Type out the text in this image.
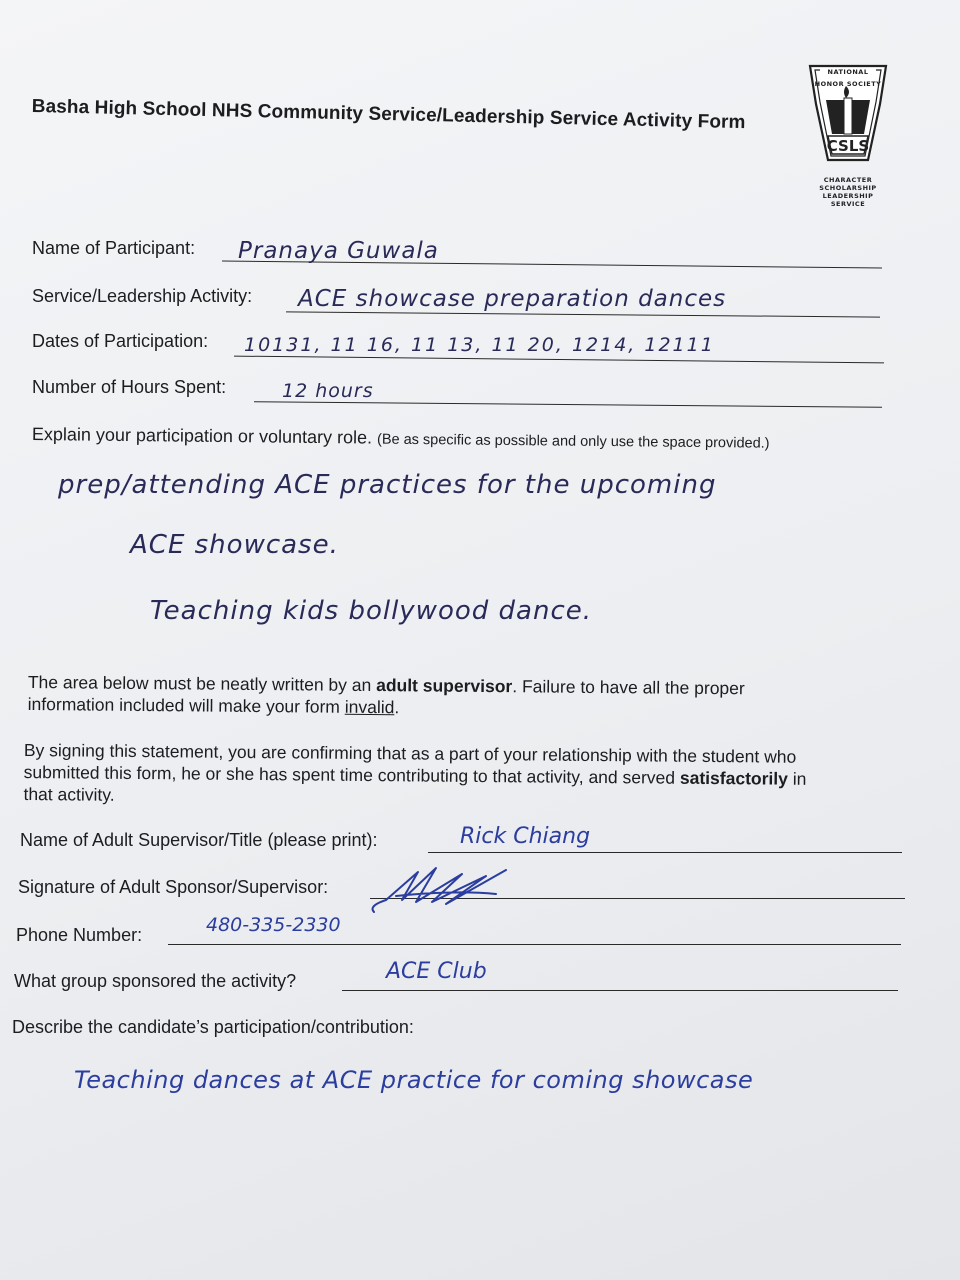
Basha High School NHS Community Service/Leadership Service Activity Form
CSLS
NATIONAL
HONOR SOCIETY
CHARACTER
SCHOLARSHIP
LEADERSHIP
SERVICE
Name of Participant: Pranaya Guwala
Service/Leadership Activity: ACE showcase preparation dances
Dates of Participation: 10131, 11 16, 11 13, 11 20, 1214, 12111
Number of Hours Spent:	12 hours
Explain your participation or voluntary role. (Be as specific as possible and only use the space provided.)
prep/attending ACE practices for the upcoming
ACE showcase.
Teaching kids bollywood dance.
The area below must be neatly written by an adult supervisor. Failure to have all the proper
information included will make your form invalid.
By signing this statement, you are confirming that as a part of your relationship with the student who
submitted this form, he or she has spent time contributing to that activity, and served satisfactorily in
that activity.
Name of Adult Supervisor/Title (please print):	Rick Chiang
Signature of Adult Sponsor/Supervisor:
Phone Number:	480-335-2330
What group sponsored the activity?	ACE Club
Describe the candidate’s participation/contribution:
Teaching dances at ACE practice for coming showcase
